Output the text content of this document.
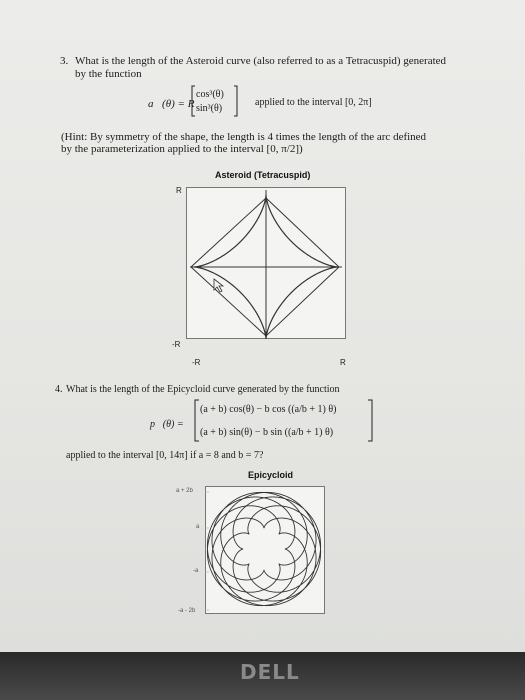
3. What is the length of the Asteroid curve (also referred to as a Tetracuspid) generated
by the function
a⃗(θ) = R
cos³(θ)
sin³(θ)
applied to the interval [0, 2π]
(Hint: By symmetry of the shape, the length is 4 times the length of the arc defined
by the parameterization applied to the interval [0, π/2])
Asteroid (Tetracuspid)
R
-R
-R	R
4. What is the length of the Epicycloid curve generated by the function
p⃗(θ) =
(a + b) cos(θ) − b cos ((a/b + 1) θ)
(a + b) sin(θ) − b sin ((a/b + 1) θ)
applied to the interval [0, 14π] if a = 8 and b = 7?
Epicycloid
a + 2b
a
-a
-a - 2b
DELL
